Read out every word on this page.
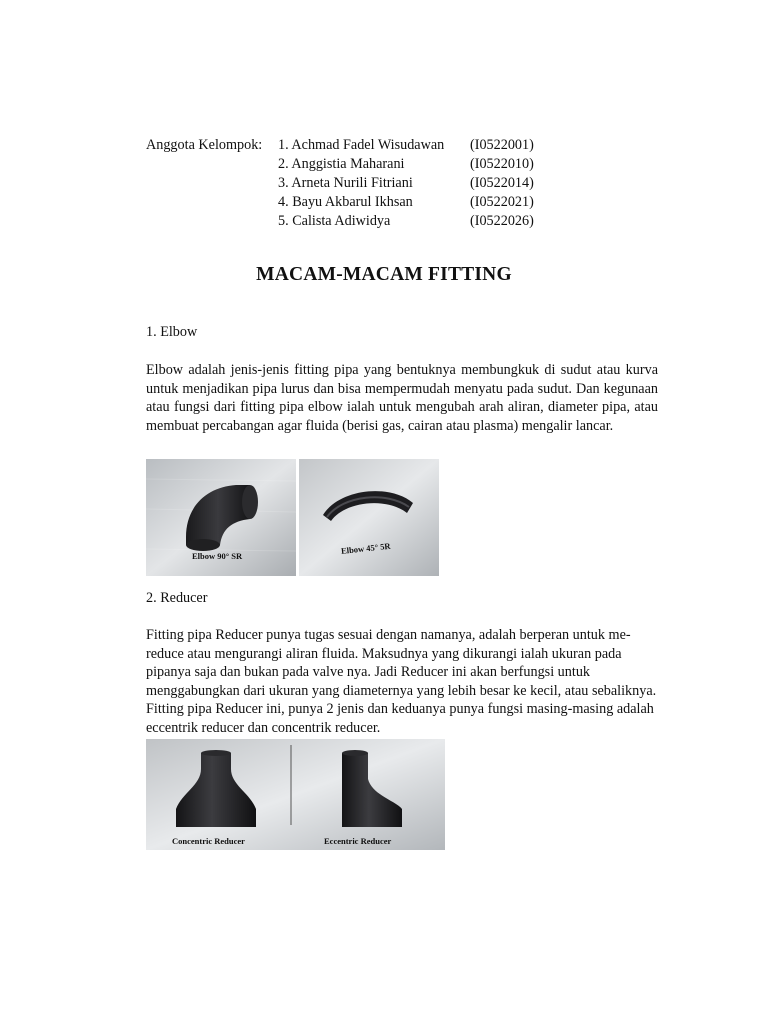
Anggota Kelompok:	1. Achmad Fadel Wisudawan	(I0522001)
2. Anggistia Maharani	(I0522010)
3. Arneta Nurili Fitriani	(I0522014)
4. Bayu Akbarul Ikhsan	(I0522021)
5. Calista Adiwidya	(I0522026)
MACAM-MACAM FITTING
1. Elbow
Elbow adalah jenis-jenis fitting pipa yang bentuknya membungkuk di sudut atau kurva untuk menjadikan pipa lurus dan bisa mempermudah menyatu pada sudut. Dan kegunaan atau fungsi dari fitting pipa elbow ialah untuk mengubah arah aliran, diameter pipa, atau membuat percabangan agar fluida (berisi gas, cairan atau plasma) mengalir lancar.
Elbow 90° SR
Elbow 45° 5R
2. Reducer
Fitting pipa Reducer punya tugas sesuai dengan namanya, adalah berperan untuk me-reduce atau mengurangi aliran fluida. Maksudnya yang dikurangi ialah ukuran pada pipanya saja dan bukan pada valve nya. Jadi Reducer ini akan berfungsi untuk menggabungkan dari ukuran yang diameternya yang lebih besar ke kecil, atau sebaliknya. Fitting pipa Reducer ini, punya 2 jenis dan keduanya punya fungsi masing-masing adalah eccentrik reducer dan concentrik reducer.
Concentric Reducer	Eccentric Reducer
